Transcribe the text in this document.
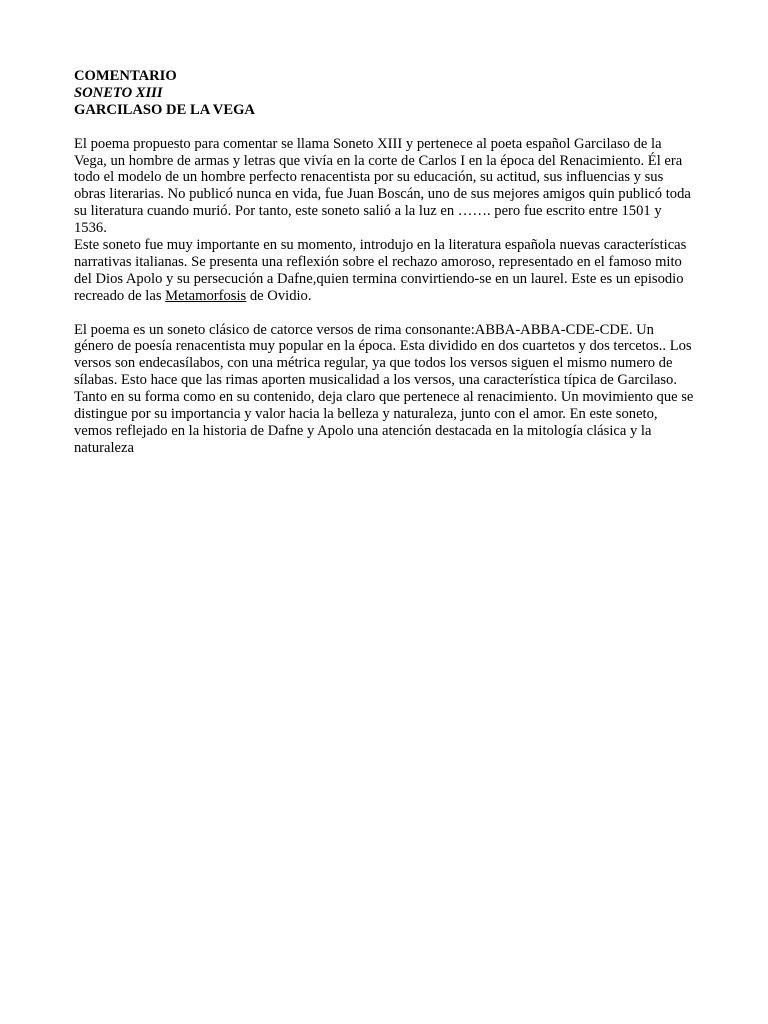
COMENTARIO
SONETO XIII
GARCILASO DE LA VEGA

El poema propuesto para comentar se llama Soneto XIII y pertenece al poeta español Garcilaso de la Vega, un hombre de armas y letras que vivía en la corte de Carlos I en la época del Renacimiento. Él era todo el modelo de un hombre perfecto renacentista por su educación, su actitud, sus influencias y sus obras literarias. No publicó nunca en vida, fue Juan Boscán, uno de sus mejores amigos quin publicó toda su literatura cuando murió. Por tanto, este soneto salió a la luz en ……. pero fue escrito entre 1501 y 1536.

Este soneto fue muy importante en su momento, introdujo en la literatura española nuevas características narrativas italianas. Se presenta una reflexión sobre el rechazo amoroso, representado en el famoso mito del Dios Apolo y su persecución a Dafne,quien termina convirtiendo-se en un laurel. Este es un episodio recreado de las Metamorfosis de Ovidio.

El poema es un soneto clásico de catorce versos de rima consonante:ABBA-ABBA-CDE-CDE. Un género de poesía renacentista muy popular en la época. Esta dividido en dos cuartetos y dos tercetos.. Los versos son endecasílabos, con una métrica regular, ya que todos los versos siguen el mismo numero de sílabas. Esto hace que las rimas aporten musicalidad a los versos, una característica típica de Garcilaso.

Tanto en su forma como en su contenido, deja claro que pertenece al renacimiento. Un movimiento que se distingue por su importancia y valor hacia la belleza y naturaleza, junto con el amor. En este soneto, vemos reflejado en la historia de Dafne y Apolo una atención destacada en la mitología clásica y la naturaleza
